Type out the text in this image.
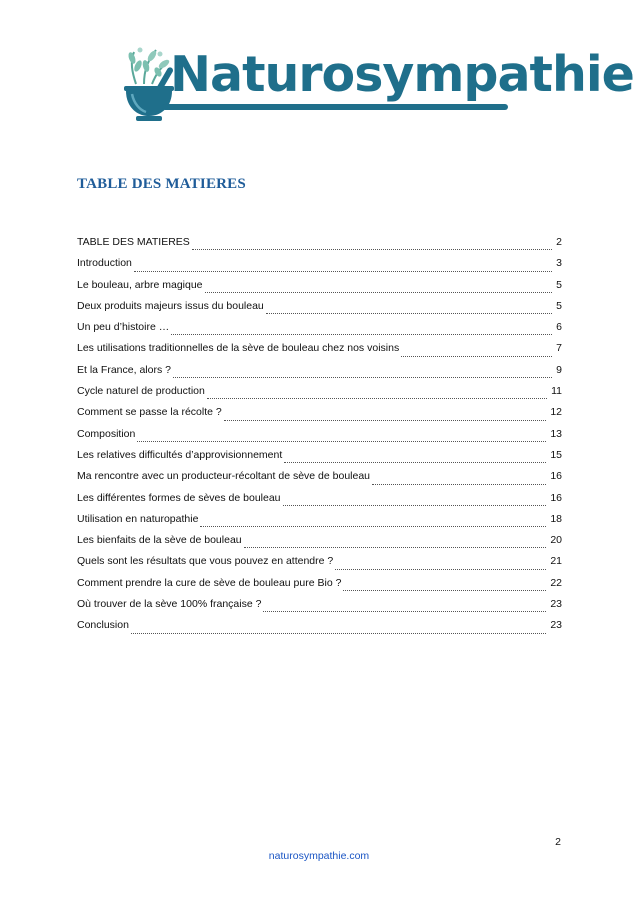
Naturosympathie
TABLE DES MATIERES
TABLE DES MATIERES	2
Introduction	3
Le bouleau, arbre magique	5
Deux produits majeurs issus du bouleau	5
Un peu d’histoire …	6
Les utilisations traditionnelles de la sève de bouleau chez nos voisins	7
Et la France, alors ?	9
Cycle naturel de production	11
Comment se passe la récolte ?	12
Composition	13
Les relatives difficultés d’approvisionnement	15
Ma rencontre avec un producteur-récoltant de sève de bouleau	16
Les différentes formes de sèves de bouleau	16
Utilisation en naturopathie	18
Les bienfaits de la sève de bouleau	20
Quels sont les résultats que vous pouvez en attendre ?	21
Comment prendre la cure de sève de bouleau pure Bio ?	22
Où trouver de la sève 100% française ?	23
Conclusion	23
2
naturosympathie.com
